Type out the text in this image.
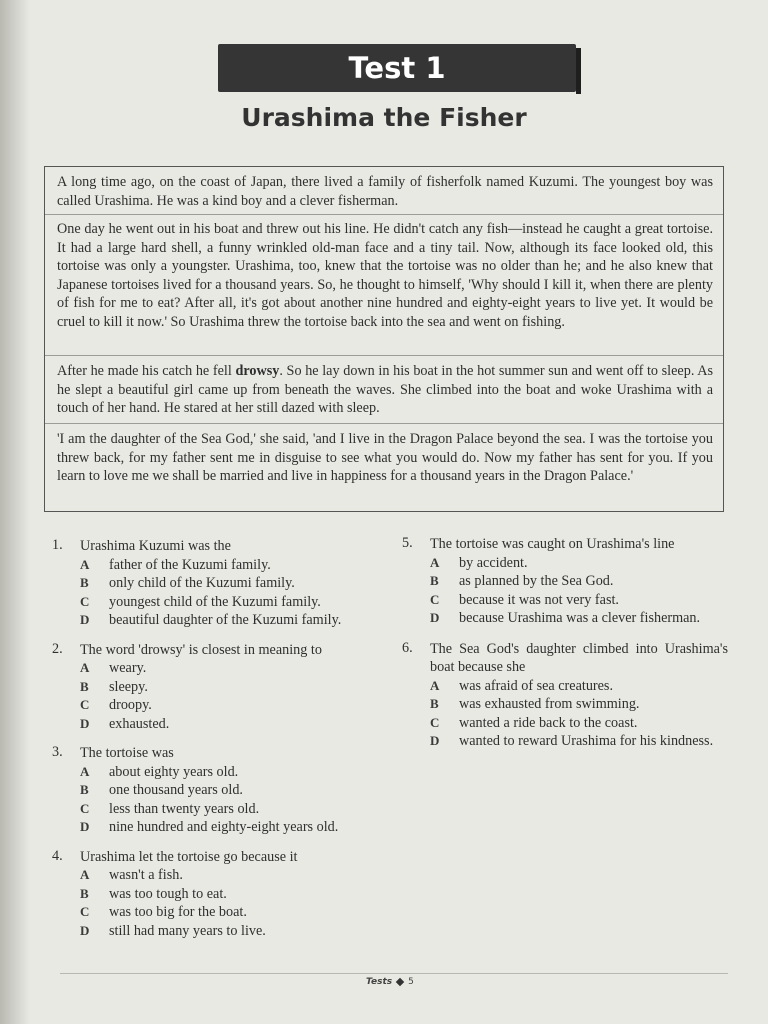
Test 1
Urashima the Fisher

A long time ago, on the coast of Japan, there lived a family of fisherfolk named Kuzumi. The youngest boy was called Urashima. He was a kind boy and a clever fisherman.

One day he went out in his boat and threw out his line. He didn't catch any fish—instead he caught a great tortoise. It had a large hard shell, a funny wrinkled old-man face and a tiny tail. Now, although its face looked old, this tortoise was only a youngster. Urashima, too, knew that the tortoise was no older than he; and he also knew that Japanese tortoises lived for a thousand years. So, he thought to himself, 'Why should I kill it, when there are plenty of fish for me to eat? After all, it's got about another nine hundred and eighty-eight years to live yet. It would be cruel to kill it now.' So Urashima threw the tortoise back into the sea and went on fishing.

After he made his catch he fell drowsy. So he lay down in his boat in the hot summer sun and went off to sleep. As he slept a beautiful girl came up from beneath the waves. She climbed into the boat and woke Urashima with a touch of her hand. He stared at her still dazed with sleep.

'I am the daughter of the Sea God,' she said, 'and I live in the Dragon Palace beyond the sea. I was the tortoise you threw back, for my father sent me in disguise to see what you would do. Now my father has sent for you. If you learn to love me we shall be married and live in happiness for a thousand years in the Dragon Palace.'

1.	Urashima Kuzumi was the
A	father of the Kuzumi family.
B	only child of the Kuzumi family.
C	youngest child of the Kuzumi family.
D	beautiful daughter of the Kuzumi family.
2.	The word 'drowsy' is closest in meaning to
A	weary.
B	sleepy.
C	droopy.
D	exhausted.
3.	The tortoise was
A	about eighty years old.
B	one thousand years old.
C	less than twenty years old.
D	nine hundred and eighty-eight years old.
4.	Urashima let the tortoise go because it
A	wasn't a fish.
B	was too tough to eat.
C	was too big for the boat.
D	still had many years to live.
5.	The tortoise was caught on Urashima's line
A	by accident.
B	as planned by the Sea God.
C	because it was not very fast.
D	because Urashima was a clever fisherman.
6.	The Sea God's daughter climbed into Urashima's boat because she
A	was afraid of sea creatures.
B	was exhausted from swimming.
C	wanted a ride back to the coast.
D	wanted to reward Urashima for his kindness.
Tests 5
